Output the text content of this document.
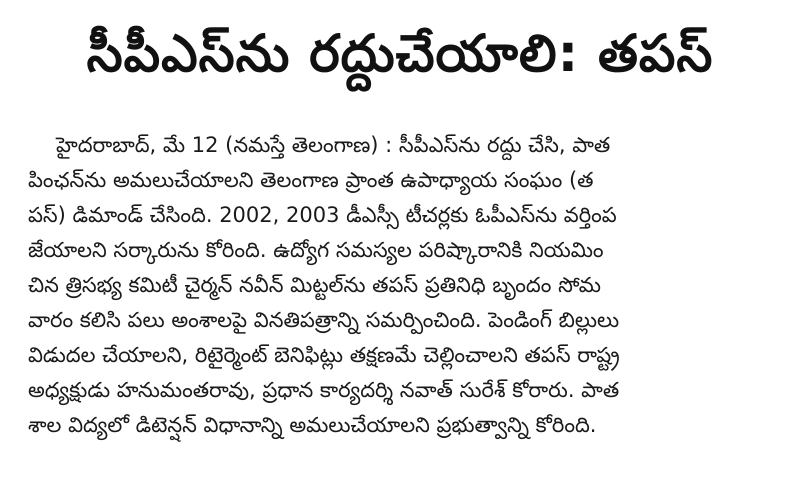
సీపీఎస్‌ను రద్దుచేయాలి: తపస్
హైదరాబాద్, మే 12 (నమస్తే తెలంగాణ) : సీపీఎస్‌ను రద్దు చేసి, పాత
పింఛన్‌ను అమలుచేయాలని తెలంగాణ ప్రాంత ఉపాధ్యాయ సంఘం (త
పస్) డిమాండ్ చేసింది. 2002, 2003 డీఎస్సీ టీచర్లకు ఓపీఎస్‌ను వర్తింప
జేయాలని సర్కారును కోరింది. ఉద్యోగ సమస్యల పరిష్కారానికి నియమిం
చిన త్రిసభ్య కమిటీ చైర్మన్ నవీన్ మిట్టల్‌ను తపస్ ప్రతినిధి బృందం సోమ
వారం కలిసి పలు అంశాలపై వినతిపత్రాన్ని సమర్పించింది. పెండింగ్ బిల్లులు
విడుదల చేయాలని, రిటైర్మెంట్ బెనిఫిట్లు తక్షణమే చెల్లించాలని తపస్ రాష్ట్ర
అధ్యక్షుడు హనుమంతరావు, ప్రధాన కార్యదర్శి నవాత్ సురేశ్ కోరారు. పాత
శాల విద్యలో డిటెన్షన్ విధానాన్ని అమలుచేయాలని ప్రభుత్వాన్ని కోరింది.
